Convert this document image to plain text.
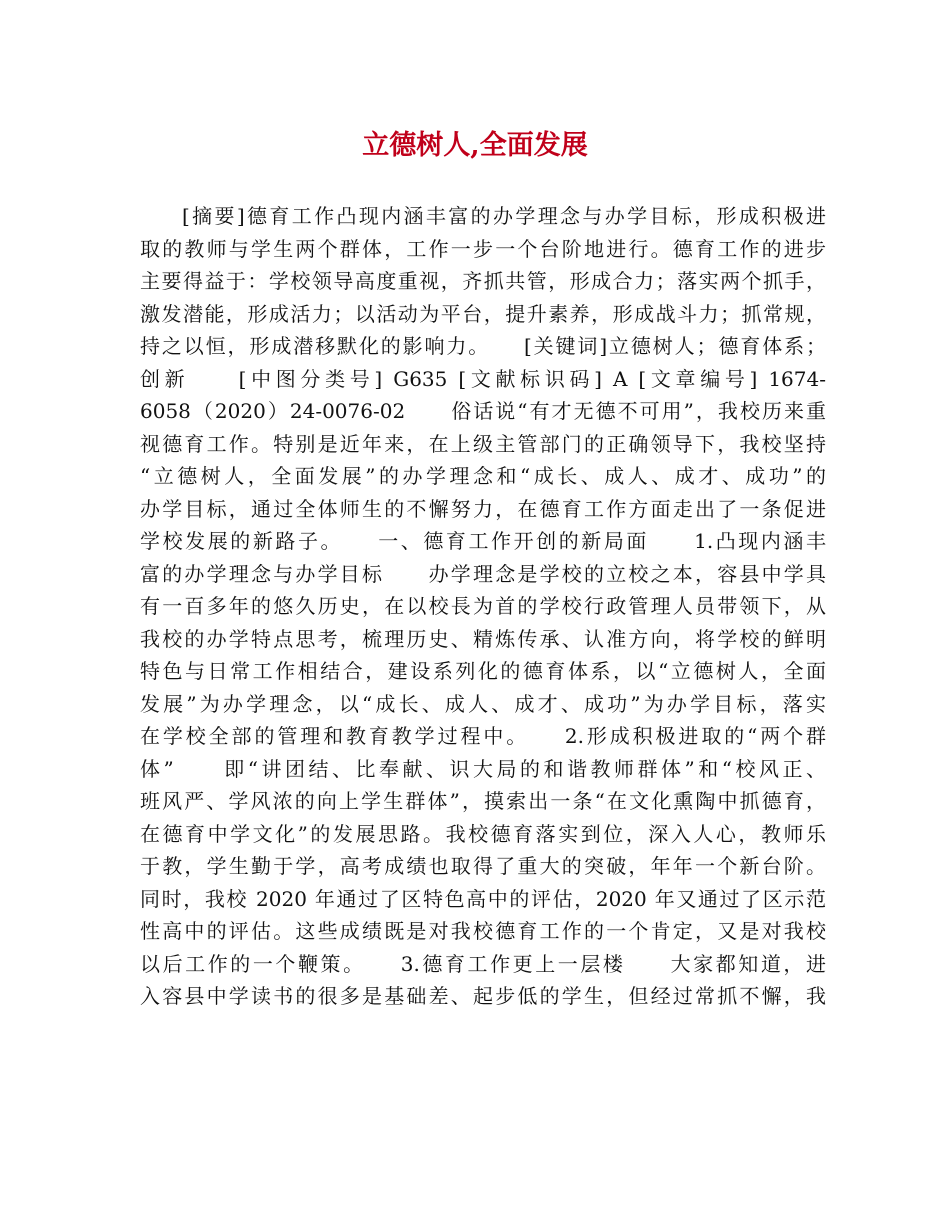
立德树人,全面发展
[摘要]德育工作凸现内涵丰富的办学理念与办学目标，形成积极进
取的教师与学生两个群体，工作一步一个台阶地进行。德育工作的进步
主要得益于：学校领导高度重视，齐抓共管，形成合力；落实两个抓手，
激发潜能，形成活力；以活动为平台，提升素养，形成战斗力；抓常规，
持之以恒，形成潜移默化的影响力。　　[关键词]立德树人；德育体系；
创新　　[中图分类号] G635 [文献标识码] A [文章编号] 1674-
6058（2020）24-0076-02　　俗话说“有才无德不可用”，我校历来重
视德育工作。特别是近年来，在上级主管部门的正确领导下，我校坚持
“立德树人，全面发展”的办学理念和“成长、成人、成才、成功”的
办学目标，通过全体师生的不懈努力，在德育工作方面走出了一条促进
学校发展的新路子。　　一、德育工作开创的新局面　　1.凸现内涵丰
富的办学理念与办学目标　　办学理念是学校的立校之本，容县中学具
有一百多年的悠久历史，在以校長为首的学校行政管理人员带领下，从
我校的办学特点思考，梳理历史、精炼传承、认准方向，将学校的鲜明
特色与日常工作相结合，建设系列化的德育体系，以“立德树人，全面
发展”为办学理念，以“成长、成人、成才、成功”为办学目标，落实
在学校全部的管理和教育教学过程中。　　2.形成积极进取的“两个群
体”　　即“讲团结、比奉献、识大局的和谐教师群体”和“校风正、
班风严、学风浓的向上学生群体”，摸索出一条“在文化熏陶中抓德育，
在德育中学文化”的发展思路。我校德育落实到位，深入人心，教师乐
于教，学生勤于学，高考成绩也取得了重大的突破，年年一个新台阶。
同时，我校 2020 年通过了区特色高中的评估，2020 年又通过了区示范
性高中的评估。这些成绩既是对我校德育工作的一个肯定，又是对我校
以后工作的一个鞭策。　　3.德育工作更上一层楼　　大家都知道，进
入容县中学读书的很多是基础差、起步低的学生，但经过常抓不懈，我
